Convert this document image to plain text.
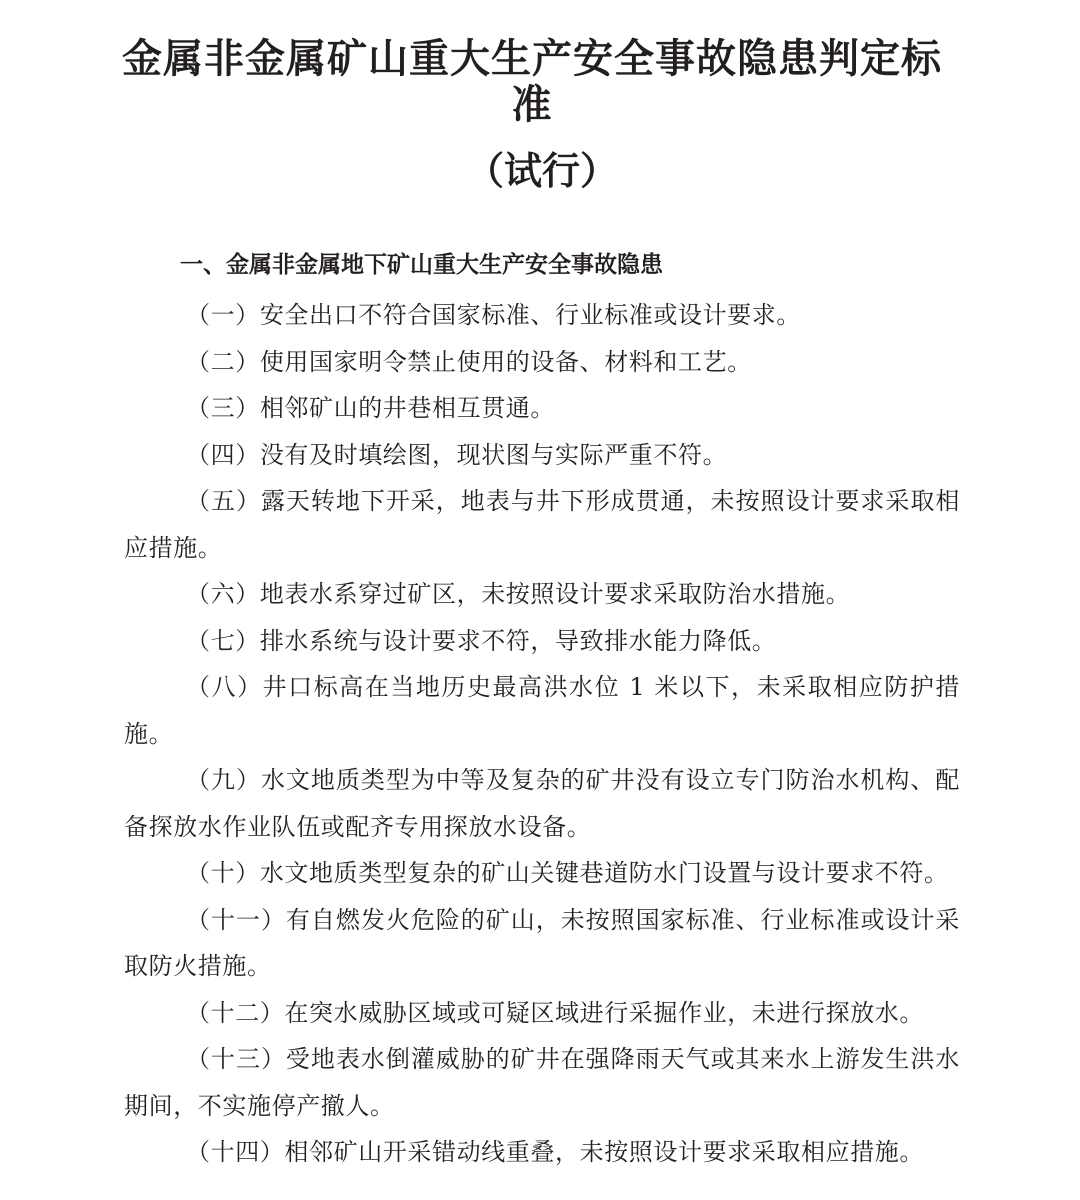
金属非金属矿山重大生产安全事故隐患判定标准
（试行）
一、金属非金属地下矿山重大生产安全事故隐患

（一）安全出口不符合国家标准、行业标准或设计要求。

（二）使用国家明令禁止使用的设备、材料和工艺。

（三）相邻矿山的井巷相互贯通。

（四）没有及时填绘图，现状图与实际严重不符。

（五）露天转地下开采，地表与井下形成贯通，未按照设计要求采取相应措施。

（六）地表水系穿过矿区，未按照设计要求采取防治水措施。

（七）排水系统与设计要求不符，导致排水能力降低。

（八）井口标高在当地历史最高洪水位 1 米以下，未采取相应防护措施。

（九）水文地质类型为中等及复杂的矿井没有设立专门防治水机构、配备探放水作业队伍或配齐专用探放水设备。

（十）水文地质类型复杂的矿山关键巷道防水门设置与设计要求不符。

（十一）有自燃发火危险的矿山，未按照国家标准、行业标准或设计采取防火措施。

（十二）在突水威胁区域或可疑区域进行采掘作业，未进行探放水。

（十三）受地表水倒灌威胁的矿井在强降雨天气或其来水上游发生洪水期间，不实施停产撤人。

（十四）相邻矿山开采错动线重叠，未按照设计要求采取相应措施。
